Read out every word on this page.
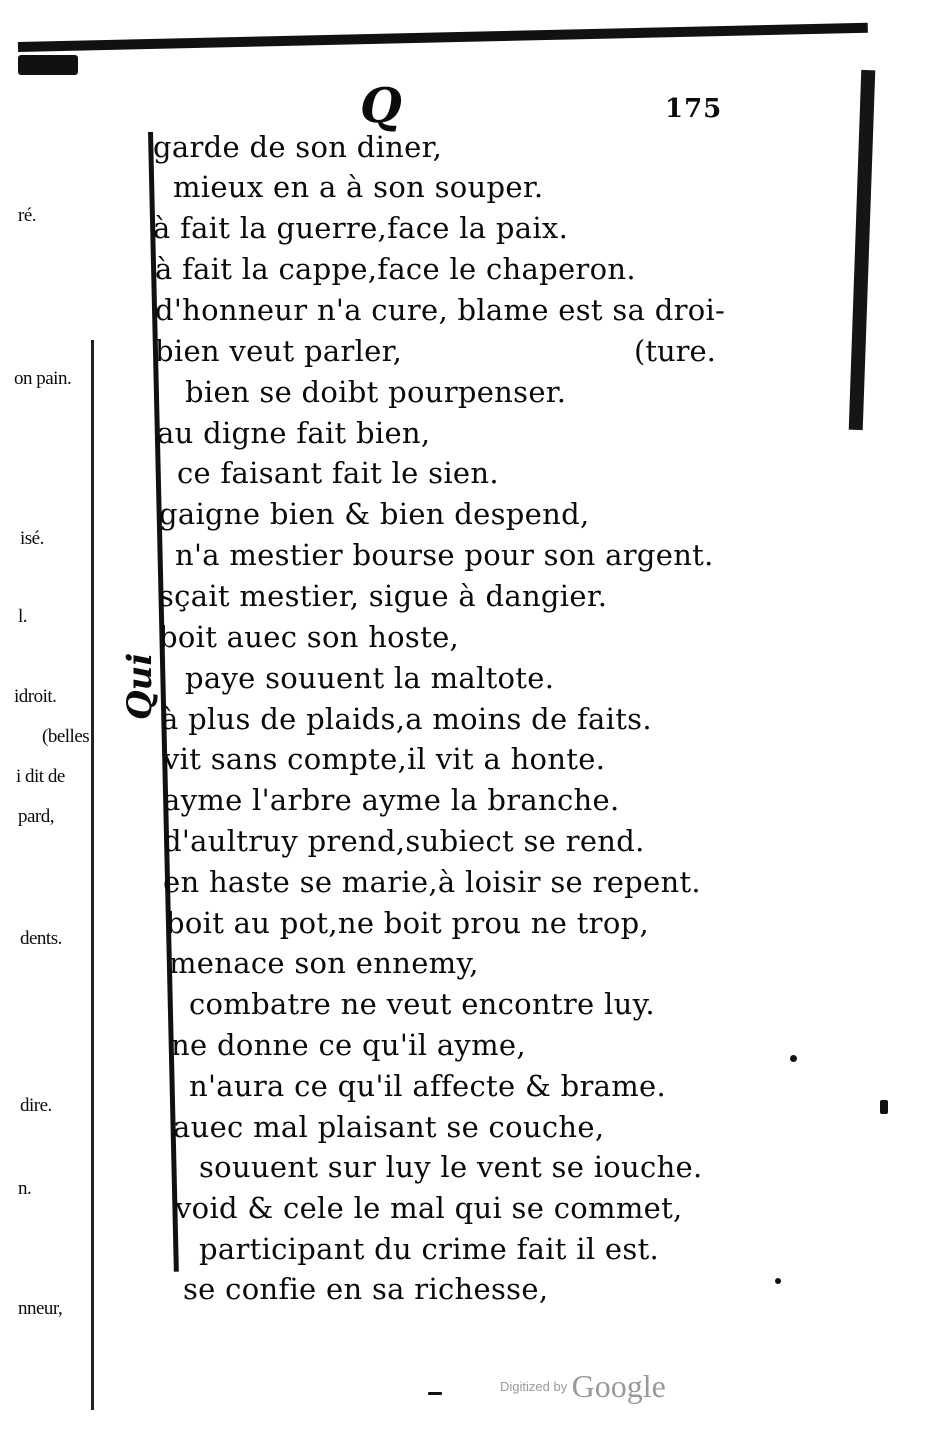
Q	175
Qui
garde de son diner,
mieux en a à son souper.
à fait la guerre,face la paix.
à fait la cappe,face le chaperon.
d'honneur n'a cure, blame est sa droi-
bien veut parler,	(ture.
bien se doibt pourpenser.
au digne fait bien,
ce faisant fait le sien.
gaigne bien & bien despend,
n'a mestier bourse pour son argent.
sçait mestier, sigue à dangier.
boit auec son hoste,
paye souuent la maltote.
à plus de plaids,a moins de faits.
vit sans compte,il vit a honte.
ayme l'arbre ayme la branche.
d'aultruy prend,subiect se rend.
en haste se marie,à loisir se repent.
boit au pot,ne boit prou ne trop,
menace son ennemy,
combatre ne veut encontre luy.
ne donne ce qu'il ayme,
n'aura ce qu'il affecte & brame.
auec mal plaisant se couche,
souuent sur luy le vent se iouche.
void & cele le mal qui se commet,
participant du crime fait il est.
se confie en sa richesse,
ré.
on pain.
isé.
l.
idroit.
(belles
i dit de
pard,
dents.
dire.
n.
nneur,
Digitized by Google
